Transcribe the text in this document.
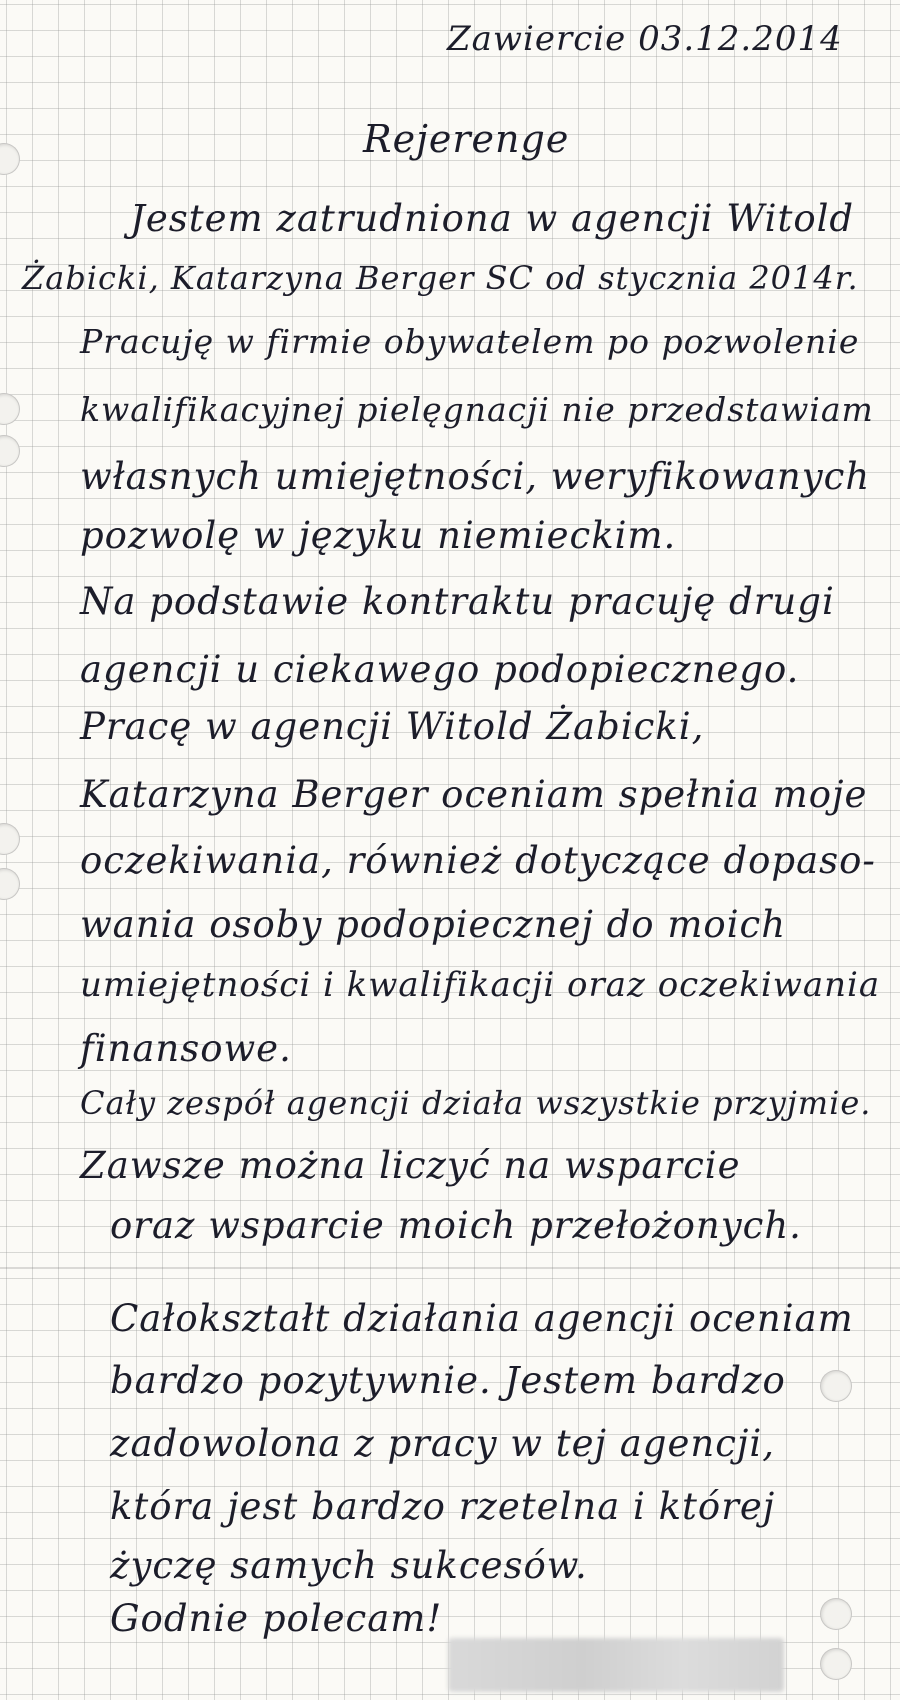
Zawiercie 03.12.2014
Rejerenge
Jestem zatrudniona w agencji Witold
Żabicki, Katarzyna Berger SC od stycznia 2014r.
Pracuję w firmie obywatelem po pozwolenie
kwalifikacyjnej pielęgnacji nie przedstawiam
własnych umiejętności, weryfikowanych
pozwolę w języku niemieckim.
Na podstawie kontraktu pracuję drugi
agencji u ciekawego podopiecznego.
Pracę w agencji Witold Żabicki,
Katarzyna Berger oceniam spełnia moje
oczekiwania, również dotyczące dopaso-
wania osoby podopiecznej do moich
umiejętności i kwalifikacji oraz oczekiwania
finansowe.
Cały zespół agencji działa wszystkie przyjmie.
Zawsze można liczyć na wsparcie
oraz wsparcie moich przełożonych.
Całokształt działania agencji oceniam
bardzo pozytywnie. Jestem bardzo
zadowolona z pracy w tej agencji,
która jest bardzo rzetelna i której
życzę samych sukcesów.
Godnie polecam!
